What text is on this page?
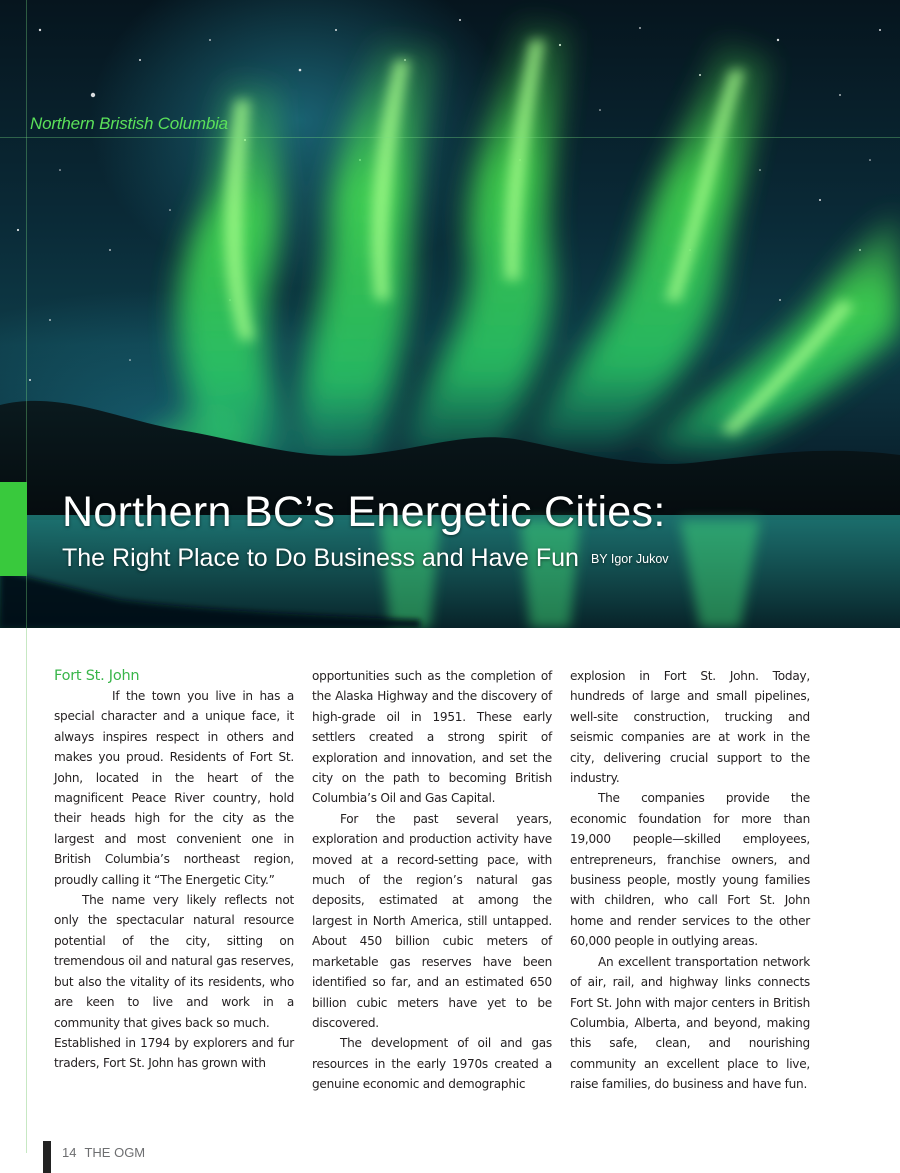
Northern Bristish Columbia
Northern BC’s Energetic Cities:
The Right Place to Do Business and Have Fun BY Igor Jukov
Fort St. John

If the town you live in has a special character and a unique face, it always inspires respect in others and makes you proud. Residents of Fort St. John, located in the heart of the magnificent Peace River country, hold their heads high for the city as the largest and most convenient one in British Columbia’s northeast region, proudly calling it “The Energetic City.”

The name very likely reflects not only the spectacular natural resource potential of the city, sitting on tremendous oil and natural gas reserves, but also the vitality of its residents, who are keen to live and work in a community that gives back so much.

Established in 1794 by explorers and fur traders, Fort St. John has grown with

opportunities such as the completion of the Alaska Highway and the discovery of high-grade oil in 1951. These early settlers created a strong spirit of exploration and innovation, and set the city on the path to becoming British Columbia’s Oil and Gas Capital.

For the past several years, exploration and production activity have moved at a record-setting pace, with much of the region’s natural gas deposits, estimated at among the largest in North America, still untapped. About 450 billion cubic meters of marketable gas reserves have been identified so far, and an estimated 650 billion cubic meters have yet to be discovered.

The development of oil and gas resources in the early 1970s created a genuine economic and demographic

explosion in Fort St. John. Today, hundreds of large and small pipelines, well-site construction, trucking and seismic companies are at work in the city, delivering crucial support to the industry.

The companies provide the economic foundation for more than 19,000 people—skilled employees, entrepreneurs, franchise owners, and business people, mostly young families with children, who call Fort St. John home and render services to the other 60,000 people in outlying areas.

An excellent transportation network of air, rail, and highway links connects Fort St. John with major centers in British Columbia, Alberta, and beyond, making this safe, clean, and nourishing community an excellent place to live, raise families, do business and have fun.

14 THE OGM
